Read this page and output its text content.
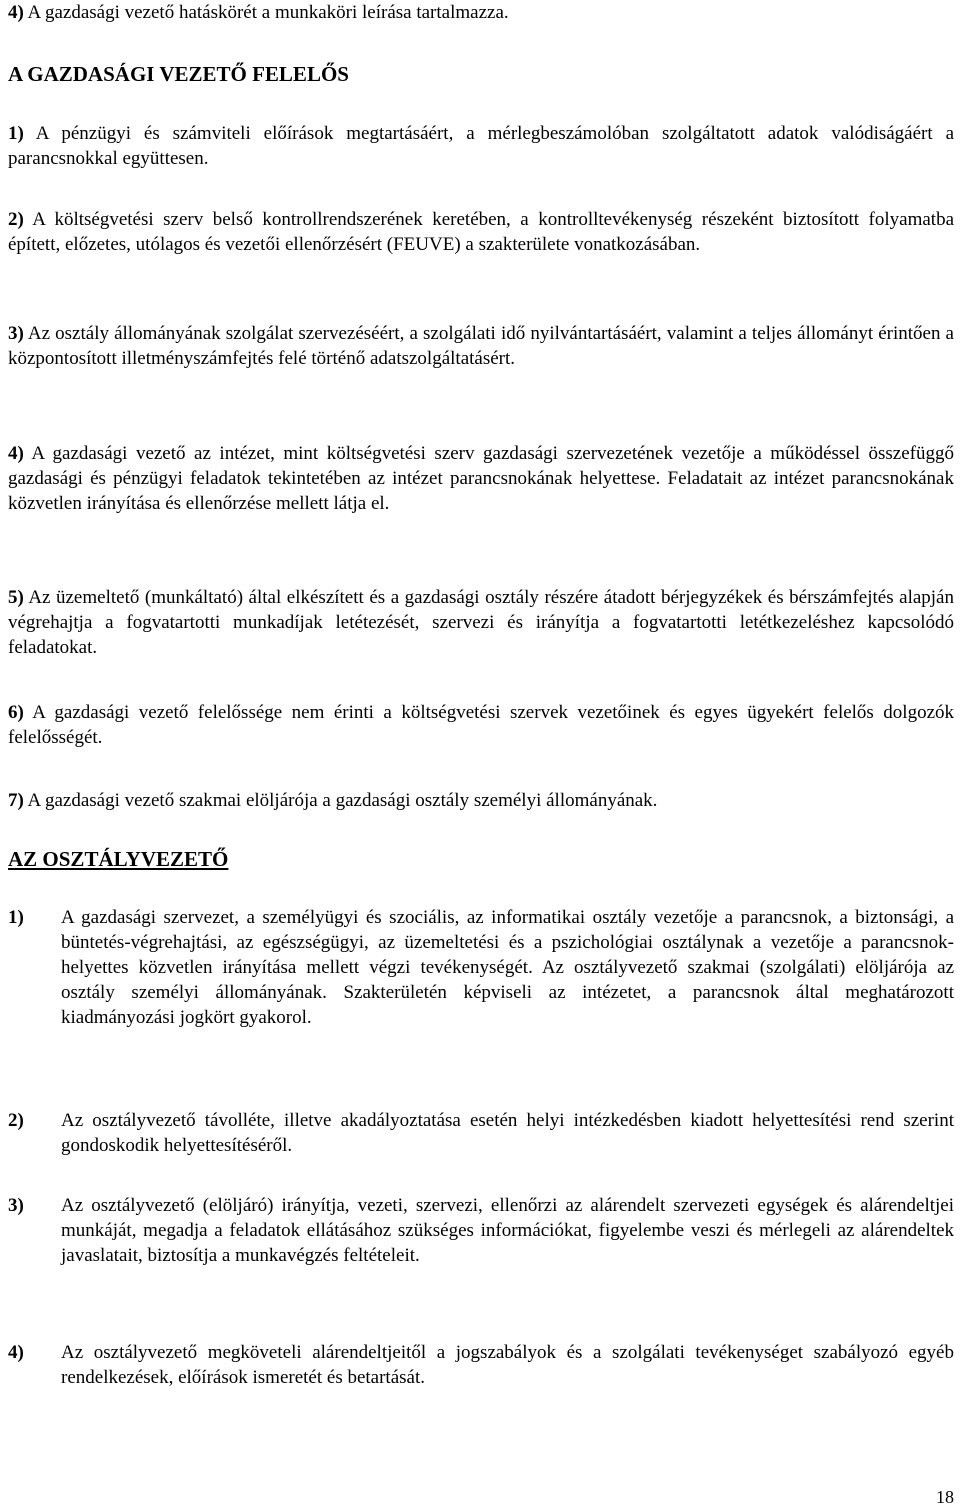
4) A gazdasági vezető hatáskörét a munkaköri leírása tartalmazza.
A GAZDASÁGI VEZETŐ FELELŐS
1) A pénzügyi és számviteli előírások megtartásáért, a mérlegbeszámolóban szolgáltatott adatok valódiságáért a parancsnokkal együttesen.
2) A költségvetési szerv belső kontrollrendszerének keretében, a kontrolltevékenység részeként biztosított folyamatba épített, előzetes, utólagos és vezetői ellenőrzésért (FEUVE) a szakterülete vonatkozásában.
3) Az osztály állományának szolgálat szervezéséért, a szolgálati idő nyilvántartásáért, valamint a teljes állományt érintően a központosított illetményszámfejtés felé történő adatszolgáltatásért.
4) A gazdasági vezető az intézet, mint költségvetési szerv gazdasági szervezetének vezetője a működéssel összefüggő gazdasági és pénzügyi feladatok tekintetében az intézet parancsnokának helyettese. Feladatait az intézet parancsnokának közvetlen irányítása és ellenőrzése mellett látja el.
5) Az üzemeltető (munkáltató) által elkészített és a gazdasági osztály részére átadott bérjegyzékek és bérszámfejtés alapján végrehajtja a fogvatartotti munkadíjak letétezését, szervezi és irányítja a fogvatartotti letétkezeléshez kapcsolódó feladatokat.
6) A gazdasági vezető felelőssége nem érinti a költségvetési szervek vezetőinek és egyes ügyekért felelős dolgozók felelősségét.
7) A gazdasági vezető szakmai elöljárója a gazdasági osztály személyi állományának.
AZ OSZTÁLYVEZETŐ
1) A gazdasági szervezet, a személyügyi és szociális, az informatikai osztály vezetője a parancsnok, a biztonsági, a büntetés-végrehajtási, az egészségügyi, az üzemeltetési és a pszichológiai osztálynak a vezetője a parancsnok-helyettes közvetlen irányítása mellett végzi tevékenységét. Az osztályvezető szakmai (szolgálati) elöljárója az osztály személyi állományának. Szakterületén képviseli az intézetet, a parancsnok által meghatározott kiadmányozási jogkört gyakorol.
2) Az osztályvezető távolléte, illetve akadályoztatása esetén helyi intézkedésben kiadott helyettesítési rend szerint gondoskodik helyettesítéséről.
3) Az osztályvezető (elöljáró) irányítja, vezeti, szervezi, ellenőrzi az alárendelt szervezeti egységek és alárendeltjei munkáját, megadja a feladatok ellátásához szükséges információkat, figyelembe veszi és mérlegeli az alárendeltek javaslatait, biztosítja a munkavégzés feltételeit.
4) Az osztályvezető megköveteli alárendeltjeitől a jogszabályok és a szolgálati tevékenységet szabályozó egyéb rendelkezések, előírások ismeretét és betartását.
18
